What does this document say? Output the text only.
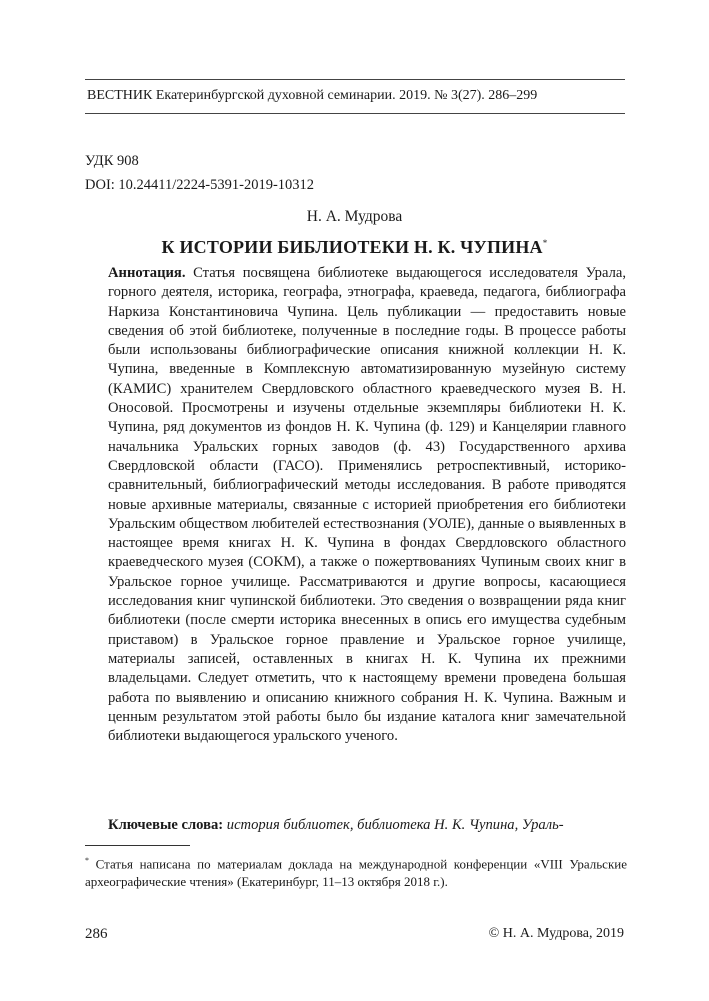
ВЕСТНИК Екатеринбургской духовной семинарии. 2019. № 3(27). 286–299
УДК 908
DOI: 10.24411/2224-5391-2019-10312
Н. А. Мудрова
К ИСТОРИИ БИБЛИОТЕКИ Н. К. ЧУПИНА*
Аннотация. Статья посвящена библиотеке выдающегося исследователя Урала, горного деятеля, историка, географа, этнографа, краеведа, педагога, библиографа Наркиза Константиновича Чупина. Цель публикации — предоставить новые сведения об этой библиотеке, полученные в последние годы. В процессе работы были использованы библиографические описания книжной коллекции Н. К. Чупина, введенные в Комплексную автоматизированную музейную систему (КАМИС) хранителем Свердловского областного краеведческого музея В. Н. Оносовой. Просмотрены и изучены отдельные экземпляры библиотеки Н. К. Чупина, ряд документов из фондов Н. К. Чупина (ф. 129) и Канцелярии главного начальника Уральских горных заводов (ф. 43) Государственного архива Свердловской области (ГАСО). Применялись ретроспективный, историко-сравнительный, библиографический методы исследования. В работе приводятся новые архивные материалы, связанные с историей приобретения его библиотеки Уральским обществом любителей естествознания (УОЛЕ), данные о выявленных в настоящее время книгах Н. К. Чупина в фондах Свердловского областного краеведческого музея (СОКМ), а также о пожертвованиях Чупиным своих книг в Уральское горное училище. Рассматриваются и другие вопросы, касающиеся исследования книг чупинской библиотеки. Это сведения о возвращении ряда книг библиотеки (после смерти историка внесенных в опись его имущества судебным приставом) в Уральское горное правление и Уральское горное училище, материалы записей, оставленных в книгах Н. К. Чупина их прежними владельцами. Следует отметить, что к настоящему времени проведена большая работа по выявлению и описанию книжного собрания Н. К. Чупина. Важным и ценным результатом этой работы было бы издание каталога книг замечательной библиотеки выдающегося уральского ученого.
Ключевые слова: история библиотек, библиотека Н. К. Чупина, Ураль-
* Статья написана по материалам доклада на международной конференции «VIII Уральские археографические чтения» (Екатеринбург, 11–13 октября 2018 г.).
286	© Н. А. Мудрова, 2019
